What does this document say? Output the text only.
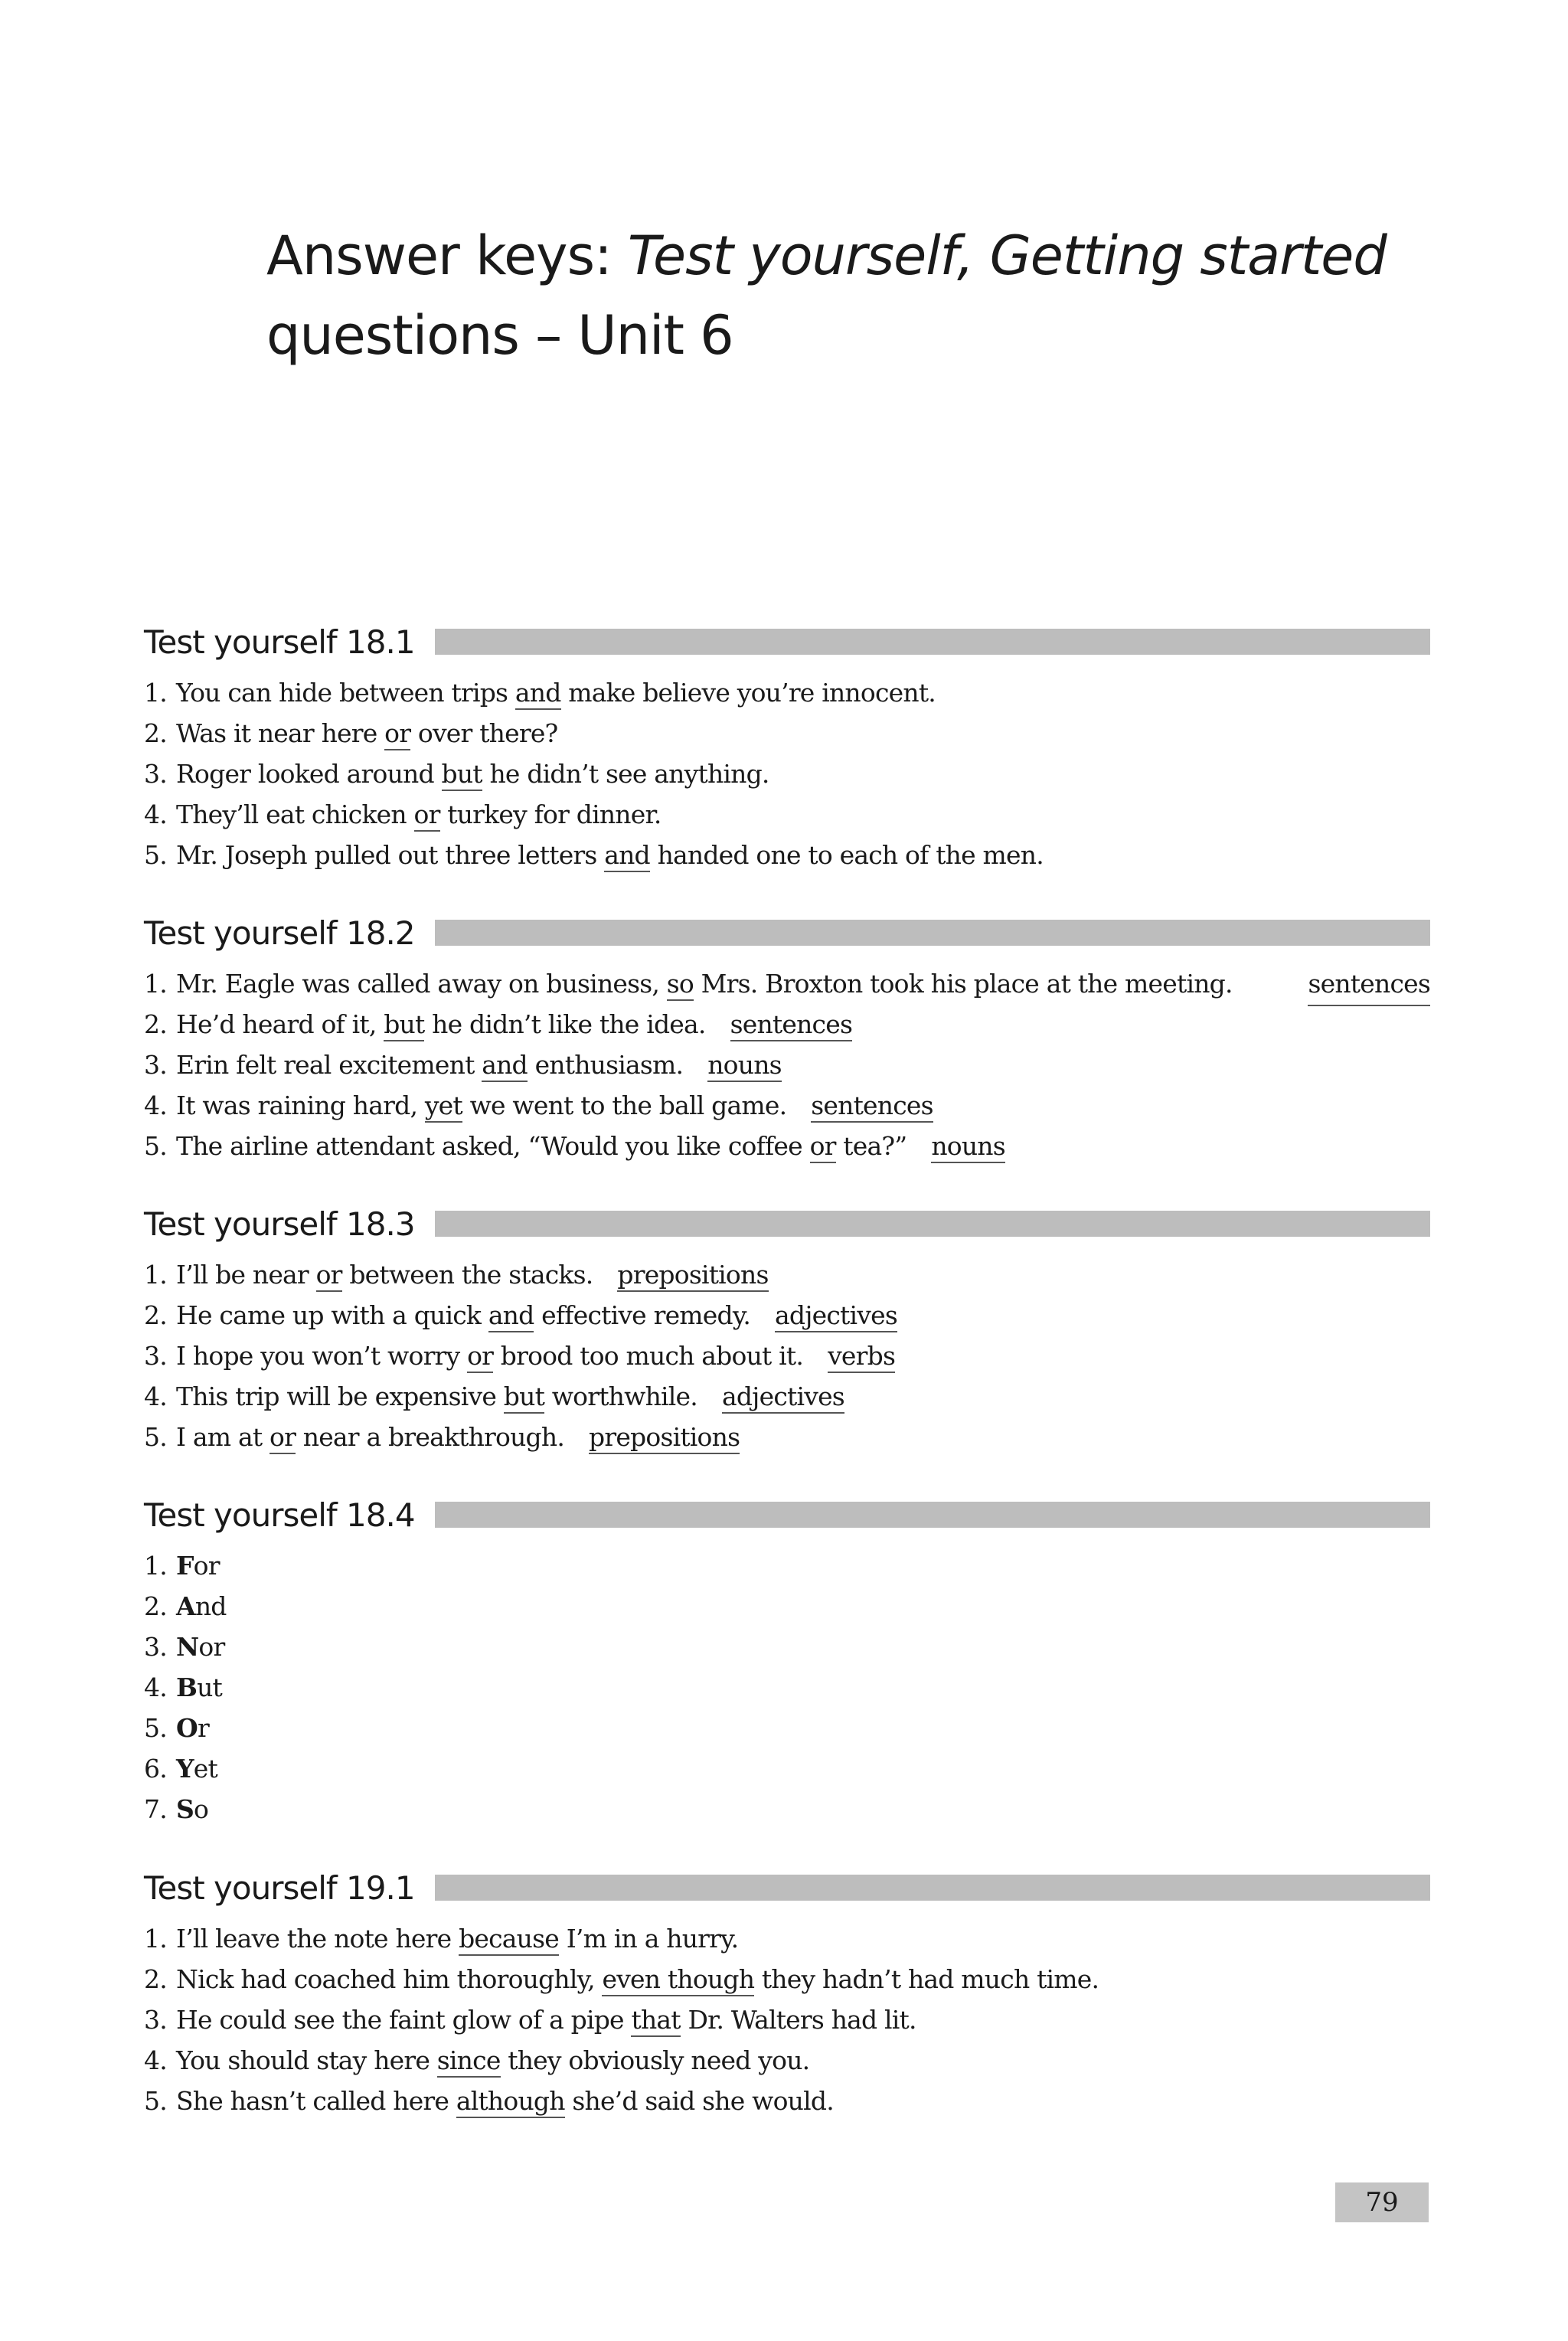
Answer keys: Test yourself, Getting started
questions – Unit 6
Test yourself 18.1
1. You can hide between trips and make believe you’re innocent.
2. Was it near here or over there?
3. Roger looked around but he didn’t see anything.
4. They’ll eat chicken or turkey for dinner.
5. Mr. Joseph pulled out three letters and handed one to each of the men.
Test yourself 18.2
1. Mr. Eagle was called away on business, so Mrs. Broxton took his place at the meeting.	sentences
2. He’d heard of it, but he didn’t like the idea. sentences
3. Erin felt real excitement and enthusiasm. nouns
4. It was raining hard, yet we went to the ball game. sentences
5. The airline attendant asked, “Would you like coffee or tea?” nouns
Test yourself 18.3
1. I’ll be near or between the stacks. prepositions
2. He came up with a quick and effective remedy. adjectives
3. I hope you won’t worry or brood too much about it. verbs
4. This trip will be expensive but worthwhile. adjectives
5. I am at or near a breakthrough. prepositions
Test yourself 18.4
1. For
2. And
3. Nor
4. But
5. Or
6. Yet
7. So
Test yourself 19.1
1. I’ll leave the note here because I’m in a hurry.
2. Nick had coached him thoroughly, even though they hadn’t had much time.
3. He could see the faint glow of a pipe that Dr. Walters had lit.
4. You should stay here since they obviously need you.
5. She hasn’t called here although she’d said she would.
79
